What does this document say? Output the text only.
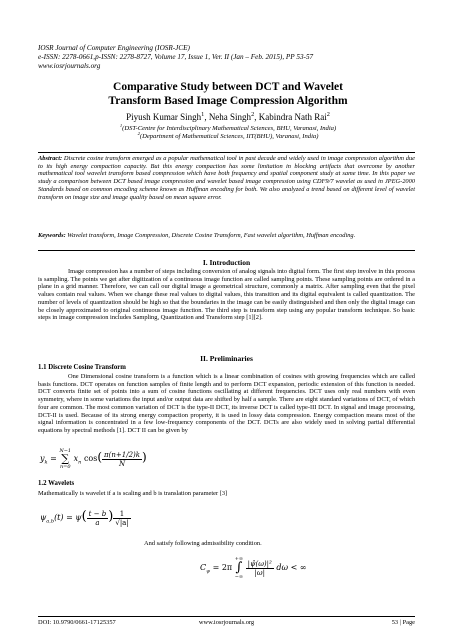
IOSR Journal of Computer Engineering (IOSR-JCE)
e-ISSN: 2278-0661,p-ISSN: 2278-8727, Volume 17, Issue 1, Ver. II (Jan – Feb. 2015), PP 53-57
www.iosrjournals.org
Comparative Study between DCT and Wavelet
Transform Based Image Compression Algorithm
Piyush Kumar Singh$^1$, Neha Singh$^2$, Kabindra Nath Rai$^2$
$^1$(DST-Centre for Interdisciplinary Mathematical Sciences, BHU, Varanasi, India)
$^2$(Department of Mathematical Sciences, IIT(BHU), Varanasi, India)
Abstract: Discrete cosine transform emerged as a popular mathematical tool in past decade and widely used in image compression algorithm due to its high energy compaction capacity. But this energy compaction has some limitation in blocking artifacts that overcome by another mathematical tool wavelet transform based compression which have both frequency and spatial component study at same time. In this paper we study a comparison between DCT based image compression and wavelet based image compression using CDF9/7 wavelet as used in JPEG-2000 Standards based on common encoding scheme known as Huffman encoding for both. We also analyzed a trend based on different level of wavelet transform on image size and image quality based on mean square error.
Keywords: Wavelet transform, Image Compression, Discrete Cosine Transform, Fast wavelet algorithm, Huffman encoding.
I. Introduction
Image compression has a number of steps including conversion of analog signals into digital form. The first step involve in this process is sampling. The points we get after digitization of a continuous image function are called sampling points. These sampling points are ordered in a plane in a grid manner. Therefore, we can call our digital image a geometrical structure, commonly a matrix. After sampling even that the pixel values contain real values. When we change these real values to digital values, this transition and its digital equivalent is called quantization. The number of levels of quantization should be high so that the boundaries in the image can be easily distinguished and then only the digital image can be closely approximated to original continuous image function. The third step is transform step using any popular transform technique. So basic steps in image compression includes Sampling, Quantization and Transform step [1][2].
II. Preliminaries
1.1 Discrete Cosine Transform
One Dimensional cosine transform is a function which is a linear combination of cosines with growing frequencies which are called basis functions. DCT operates on function samples of finite length and to perform DCT expansion, periodic extension of this function is needed. DCT converts finite set of points into a sum of cosine functions oscillating at different frequencies. DCT uses only real numbers with even symmetry, where in some variations the input and/or output data are shifted by half a sample. There are eight standard variations of DCT, of which four are common. The most common variation of DCT is the type-II DCT, its inverse DCT is called type-III DCT. In signal and image processing, DCT-II is used. Because of its strong energy compaction property, it is used in lossy data compression. Energy compaction means most of the signal information is concentrated in a few low-frequency components of the DCT. DCTs are also widely used in solving partial differential equations by spectral methods [1]. DCT II can be given by
$y_k$ =
N−1
∑
n=0
$x_n$ $\cos( \frac{\pi(n+1/2)k}{N}$ )
1.2 Wavelets
Mathematically is wavelet if a is scaling and b is translation parameter [3]
$\psi_{a,b}(t) = \psi( \frac{t - b}{a}$ ) $\frac{1}{√|a|}$
And satisfy following admissibility condition.
$C_\psi = 2\pi$
+∞
∫
−∞

$\frac{\text{|ψ̂(ω)|²}}{|\omega|}$ dω < ∞
DOI: 10.9790/0661-17125357	www.iosrjournals.org	53 | Page
